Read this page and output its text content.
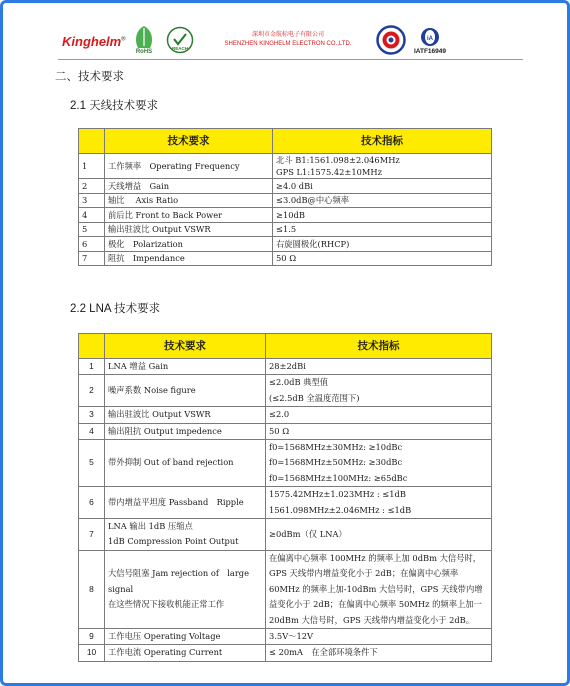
Kinghelm®
RoHS
REACH
深圳市金航标电子有限公司
SHENZHEN KINGHELM ELECTRON CO.,LTD.
iA
IATF16949
二、技术要求
2.1 天线技术要求
	技术要求	技术指标
1	工作频率　Operating Frequency	北斗 B1:1561.098±2.046MHz
GPS L1:1575.42±10MHz

2	天线增益　Gain	≥4.0 dBi

3	轴比　 Axis Ratio	≤3.0dB@中心频率

4	前后比 Front to Back Power	≥10dB

5	输出驻波比 Output VSWR	≤1.5

6	极化　Polarization	右旋圆极化(RHCP)

7	阻抗　Impendance	50 Ω
2.2 LNA 技术要求
	技术要求	技术指标
1	LNA 增益 Gain	28±2dBi

2	噪声系数 Noise figure	≤2.0dB 典型值
(≤2.5dB 全温度范围下)

3	输出驻波比 Output VSWR	≤2.0

4	输出阻抗 Output impedence	50 Ω

5	带外抑制 Out of band rejection	f0=1568MHz±30MHz: ≥10dBc
f0=1568MHz±50MHz: ≥30dBc
f0=1568MHz±100MHz: ≥65dBc

6	带内增益平坦度 Passband　Ripple	1575.42MHz±1.023MHz : ≤1dB
1561.098MHz±2.046MHz : ≤1dB

7	LNA 输出 1dB 压缩点
1dB Compression Point Output	≥0dBm（仅 LNA）

8	大信号阻塞 Jam rejection of　large signal
在这些情况下接收机能正常工作	在偏离中心频率 100MHz 的频率上加 0dBm 大信号时，GPS 天线带内增益变化小于 2dB；在偏离中心频率 60MHz 的频率上加-10dBm 大信号时，GPS 天线带内增益变化小于 2dB；在偏离中心频率 50MHz 的频率上加一20dBm 大信号时，GPS 天线带内增益变化小于 2dB。

9	工作电压 Operating Voltage	3.5V～12V

10	工作电流 Operating Current	≤ 20mA　在全部环境条件下
